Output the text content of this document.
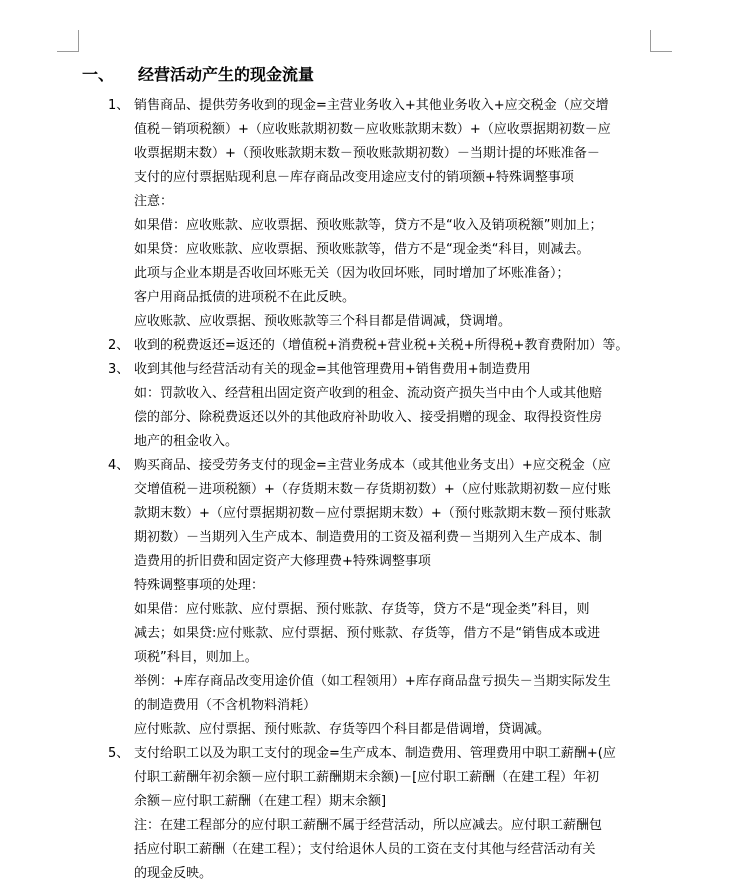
一、 经营活动产生的现金流量
1、 销售商品、提供劳务收到的现金=主营业务收入+其他业务收入+应交税金（应交增
值税－销项税额）+（应收账款期初数－应收账款期末数）+（应收票据期初数－应
收票据期末数）+（预收账款期末数－预收账款期初数）－当期计提的坏账准备－
支付的应付票据贴现利息－库存商品改变用途应支付的销项额+特殊调整事项
注意：
如果借：应收账款、应收票据、预收账款等，贷方不是“收入及销项税额”则加上；
如果贷：应收账款、应收票据、预收账款等，借方不是“现金类“科目，则减去。
此项与企业本期是否收回坏账无关（因为收回坏账，同时增加了坏账准备）；
客户用商品抵债的进项税不在此反映。
应收账款、应收票据、预收账款等三个科目都是借调减，贷调增。
2、 收到的税费返还=返还的（增值税+消费税+营业税+关税+所得税+教育费附加）等。
3、 收到其他与经营活动有关的现金=其他管理费用+销售费用+制造费用
如：罚款收入、经营租出固定资产收到的租金、流动资产损失当中由个人或其他赔
偿的部分、除税费返还以外的其他政府补助收入、接受捐赠的现金、取得投资性房
地产的租金收入。
4、 购买商品、接受劳务支付的现金=主营业务成本（或其他业务支出）+应交税金（应
交增值税－进项税额）+（存货期末数－存货期初数）+（应付账款期初数－应付账
款期末数）+（应付票据期初数－应付票据期末数）+（预付账款期末数－预付账款
期初数）－当期列入生产成本、制造费用的工资及福利费－当期列入生产成本、制
造费用的折旧费和固定资产大修理费+特殊调整事项
特殊调整事项的处理：
如果借：应付账款、应付票据、预付账款、存货等，贷方不是“现金类”科目，则
减去；如果贷:应付账款、应付票据、预付账款、存货等，借方不是“销售成本或进
项税”科目，则加上。
举例：+库存商品改变用途价值（如工程领用）+库存商品盘亏损失－当期实际发生
的制造费用（不含机物料消耗）
应付账款、应付票据、预付账款、存货等四个科目都是借调增，贷调减。
5、 支付给职工以及为职工支付的现金=生产成本、制造费用、管理费用中职工薪酬+(应
付职工薪酬年初余额－应付职工薪酬期末余额)－[应付职工薪酬（在建工程）年初
余额－应付职工薪酬（在建工程）期末余额]
注：在建工程部分的应付职工薪酬不属于经营活动，所以应减去。应付职工薪酬包
括应付职工薪酬（在建工程）；支付给退休人员的工资在支付其他与经营活动有关
的现金反映。
